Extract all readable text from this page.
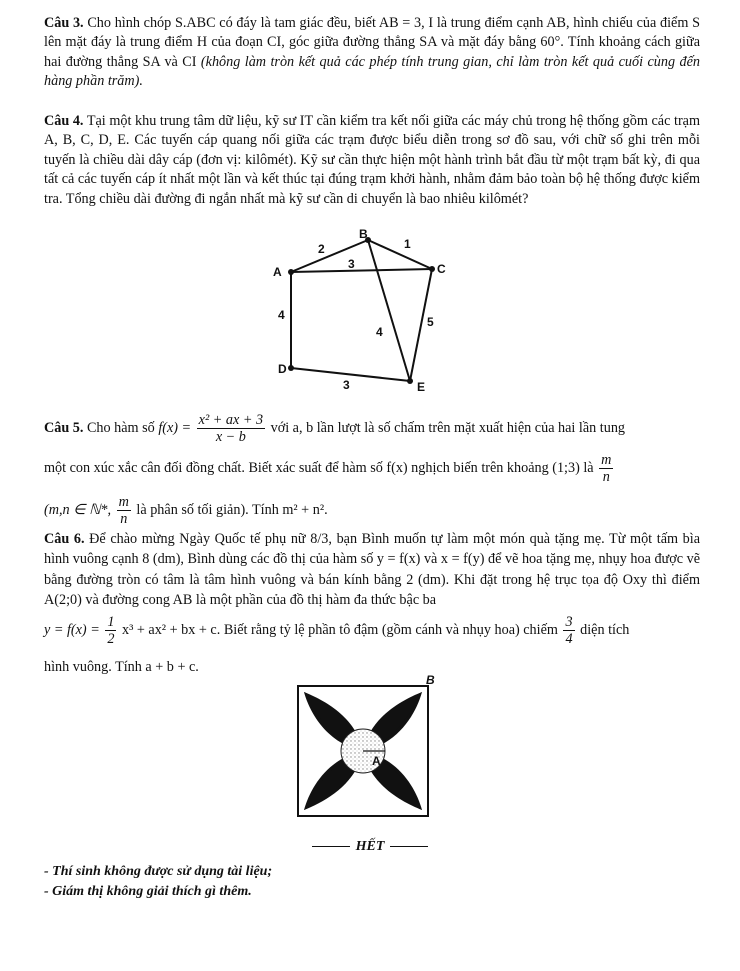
Câu 3. Cho hình chóp S.ABC có đáy là tam giác đều, biết AB = 3, I là trung điểm cạnh AB, hình chiếu của điểm S lên mặt đáy là trung điểm H của đoạn CI, góc giữa đường thẳng SA và mặt đáy bằng 60°. Tính khoảng cách giữa hai đường thẳng SA và CI (không làm tròn kết quả các phép tính trung gian, chỉ làm tròn kết quả cuối cùng đến hàng phần trăm).
Câu 4. Tại một khu trung tâm dữ liệu, kỹ sư IT cần kiểm tra kết nối giữa các máy chủ trong hệ thống gồm các trạm A, B, C, D, E. Các tuyến cáp quang nối giữa các trạm được biểu diễn trong sơ đồ sau, với chữ số ghi trên mỗi tuyến là chiều dài dây cáp (đơn vị: kilômét). Kỹ sư cần thực hiện một hành trình bắt đầu từ một trạm bất kỳ, đi qua tất cả các tuyến cáp ít nhất một lần và kết thúc tại đúng trạm khởi hành, nhằm đảm bảo toàn bộ hệ thống được kiểm tra. Tổng chiều dài đường đi ngắn nhất mà kỹ sư cần di chuyển là bao nhiêu kilômét?
A
B
C
D
E
2	1
3
4
4
5
3
Câu 5. Cho hàm số $f(x) = \frac{\text{x² + ax + 3}}{x - b}$ với a, b lần lượt là số chấm trên mặt xuất hiện của hai lần tung
một con xúc xắc cân đối đồng chất. Biết xác suất để hàm số f(x) nghịch biến trên khoảng (1;3) là $\frac{m}{n}$
(m,n ∈ ℕ*, $\frac{m}{n}$ là phân số tối giản). Tính m² + n².
Câu 6. Để chào mừng Ngày Quốc tế phụ nữ 8/3, bạn Bình muốn tự làm một món quà tặng mẹ. Từ một tấm bìa hình vuông cạnh 8 (dm), Bình dùng các đồ thị của hàm số y = f(x) và x = f(y) để vẽ hoa tặng mẹ, nhụy hoa được vẽ bằng đường tròn có tâm là tâm hình vuông và bán kính bằng 2 (dm). Khi đặt trong hệ trục tọa độ Oxy thì điểm A(2;0) và đường cong AB là một phần của đồ thị hàm đa thức bậc ba
$y = f(x) = \frac{1}{2} x^3 + ax^2$ + bx + c. Biết rằng tỷ lệ phần tô đậm (gồm cánh và nhụy hoa) chiếm $\frac{3}{4}$ diện tích
hình vuông. Tính a + b + c.
A
B
HẾT
- Thí sinh không được sử dụng tài liệu;
- Giám thị không giải thích gì thêm.
